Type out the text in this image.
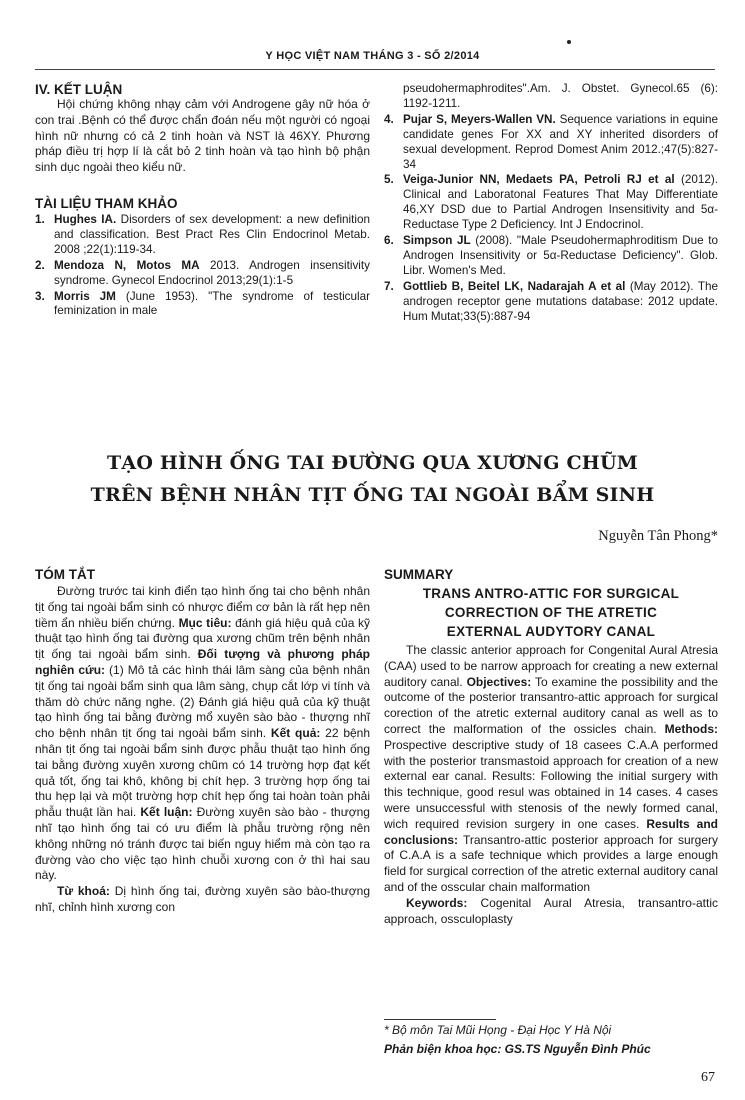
Y HỌC VIỆT NAM THÁNG 3 - SỐ 2/2014
IV. KẾT LUẬN

Hội chứng không nhạy cảm với Androgene gây nữ hóa ở con trai .Bệnh có thể được chẩn đoán nếu một người có ngoại hình nữ nhưng có cả 2 tinh hoàn và NST là 46XY. Phương pháp điều trị hợp lí là cắt bỏ 2 tinh hoàn và tạo hình bộ phận sinh dục ngoài theo kiểu nữ.

TÀI LIỆU THAM KHẢO
1. Hughes IA. Disorders of sex development: a new definition and classification. Best Pract Res Clin Endocrinol Metab. 2008 ;22(1):119-34.
2. Mendoza N, Motos MA 2013. Androgen insensitivity syndrome. Gynecol Endocrinol 2013;29(1):1-5
3. Morris JM (June 1953). "The syndrome of testicular feminization in male
pseudohermaphrodites".Am. J. Obstet. Gynecol.65 (6): 1192-1211.
4. Pujar S, Meyers-Wallen VN. Sequence variations in equine candidate genes For XX and XY inherited disorders of sexual development. Reprod Domest Anim 2012.;47(5):827-34
5. Veiga-Junior NN, Medaets PA, Petroli RJ et al (2012). Clinical and Laboratonal Features That May Differentiate 46,XY DSD due to Partial Androgen Insensitivity and 5α-Reductase Type 2 Deficiency. Int J Endocrinol.
6. Simpson JL (2008). "Male Pseudohermaphroditism Due to Androgen Insensitivity or 5α-Reductase Deficiency". Glob. Libr. Women's Med.
7. Gottlieb B, Beitel LK, Nadarajah A et al (May 2012). The androgen receptor gene mutations database: 2012 update. Hum Mutat;33(5):887-94
TẠO HÌNH ỐNG TAI ĐƯỜNG QUA XƯƠNG CHŨM
TRÊN BỆNH NHÂN TỊT ỐNG TAI NGOÀI BẨM SINH
Nguyễn Tân Phong*
TÓM TẮT

Đường trước tai kinh điển tạo hình ống tai cho bệnh nhân tịt ống tai ngoài bẩm sinh có nhược điểm cơ bản là rất hẹp nên tiềm ẩn nhiều biến chứng. Mục tiêu: đánh giá hiệu quả của kỹ thuật tạo hình ống tai đường qua xương chũm trên bệnh nhân tịt ống tai ngoài bẩm sinh. Đối tượng và phương pháp nghiên cứu: (1) Mô tả các hình thái lâm sàng của bệnh nhân tịt ống tai ngoài bẩm sinh qua lâm sàng, chụp cắt lớp vi tính và thăm dò chức năng nghe. (2) Đánh giá hiệu quả của kỹ thuật tạo hình ống tai bằng đường mổ xuyên sào bào - thượng nhĩ cho bệnh nhân tịt ống tai ngoài bẩm sinh. Kết quả: 22 bệnh nhân tịt ống tai ngoài bẩm sinh được phẫu thuật tạo hình ống tai bằng đường xuyên xương chũm có 14 trường hợp đạt kết quả tốt, ống tai khô, không bị chít hẹp. 3 trường hợp ống tai thu hẹp lại và một trường hợp chít hẹp ống tai hoàn toàn phải phẫu thuật lần hai. Kết luận: Đường xuyên sào bào - thượng nhĩ tạo hình ống tai có ưu điểm là phẫu trường rộng nên không những nó tránh được tai biến nguy hiểm mà còn tạo ra đường vào cho việc tạo hình chuỗi xương con ở thì hai sau này.

Từ khoá: Dị hình ống tai, đường xuyên sào bào-thượng nhĩ, chỉnh hình xương con

SUMMARY
TRANS ANTRO-ATTIC FOR SURGICAL
CORRECTION OF THE ATRETIC
EXTERNAL AUDYTORY CANAL

The classic anterior approach for Congenital Aural Atresia (CAA) used to be narrow approach for creating a new external auditory canal. Objectives: To examine the possibility and the outcome of the posterior transantro-attic approach for surgical corection of the atretic external auditory canal as well as to correct the malformation of the ossicles chain. Methods: Prospective descriptive study of 18 casees C.A.A performed with the posterior transmastoid approach for creation of a new external ear canal. Results: Following the initial surgery with this technique, good resul was obtained in 14 cases. 4 cases were unsuccessful with stenosis of the newly formed canal, wich required revision surgery in one cases. Results and conclusions: Transantro-attic posterior approach for surgery of C.A.A is a safe technique which provides a large enough field for surgical correction of the atretic external auditory canal and of the osscular chain malformation

Keywords: Cogenital Aural Atresia, transantro-attic approach, ossculoplasty

* Bộ môn Tai Mũi Họng - Đại Học Y Hà Nội
Phản biện khoa học: GS.TS Nguyễn Đình Phúc
67
